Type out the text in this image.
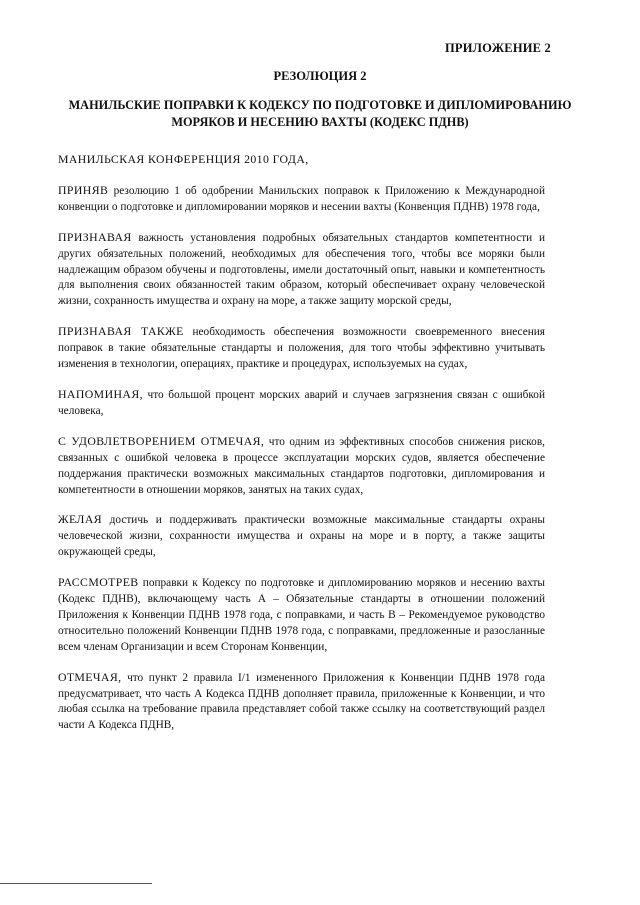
ПРИЛОЖЕНИЕ 2
РЕЗОЛЮЦИЯ 2
МАНИЛЬСКИЕ ПОПРАВКИ К КОДЕКСУ ПО ПОДГОТОВКЕ И ДИПЛОМИРОВАНИЮ МОРЯКОВ И НЕСЕНИЮ ВАХТЫ (КОДЕКС ПДНВ)

МАНИЛЬСКАЯ КОНФЕРЕНЦИЯ 2010 ГОДА,

ПРИНЯВ резолюцию 1 об одобрении Манильских поправок к Приложению к Международной конвенции о подготовке и дипломировании моряков и несении вахты (Конвенция ПДНВ) 1978 года,

ПРИЗНАВАЯ важность установления подробных обязательных стандартов компетентности и других обязательных положений, необходимых для обеспечения того, чтобы все моряки были надлежащим образом обучены и подготовлены, имели достаточный опыт, навыки и компетентность для выполнения своих обязанностей таким образом, который обеспечивает охрану человеческой жизни, сохранность имущества и охрану на море, а также защиту морской среды,

ПРИЗНАВАЯ ТАКЖЕ необходимость обеспечения возможности своевременного внесения поправок в такие обязательные стандарты и положения, для того чтобы эффективно учитывать изменения в технологии, операциях, практике и процедурах, используемых на судах,

НАПОМИНАЯ, что большой процент морских аварий и случаев загрязнения связан с ошибкой человека,

С УДОВЛЕТВОРЕНИЕМ ОТМЕЧАЯ, что одним из эффективных способов снижения рисков, связанных с ошибкой человека в процессе эксплуатации морских судов, является обеспечение поддержания практически возможных максимальных стандартов подготовки, дипломирования и компетентности в отношении моряков, занятых на таких судах,

ЖЕЛАЯ достичь и поддерживать практически возможные максимальные стандарты охраны человеческой жизни, сохранности имущества и охраны на море и в порту, а также защиты окружающей среды,

РАССМОТРЕВ поправки к Кодексу по подготовке и дипломированию моряков и несению вахты (Кодекс ПДНВ), включающему часть А – Обязательные стандарты в отношении положений Приложения к Конвенции ПДНВ 1978 года, с поправками, и часть В – Рекомендуемое руководство относительно положений Конвенции ПДНВ 1978 года, с поправками, предложенные и разосланные всем членам Организации и всем Сторонам Конвенции,

ОТМЕЧАЯ, что пункт 2 правила I/1 измененного Приложения к Конвенции ПДНВ 1978 года предусматривает, что часть А Кодекса ПДНВ дополняет правила, приложенные к Конвенции, и что любая ссылка на требование правила представляет собой также ссылку на соответствующий раздел части А Кодекса ПДНВ,
